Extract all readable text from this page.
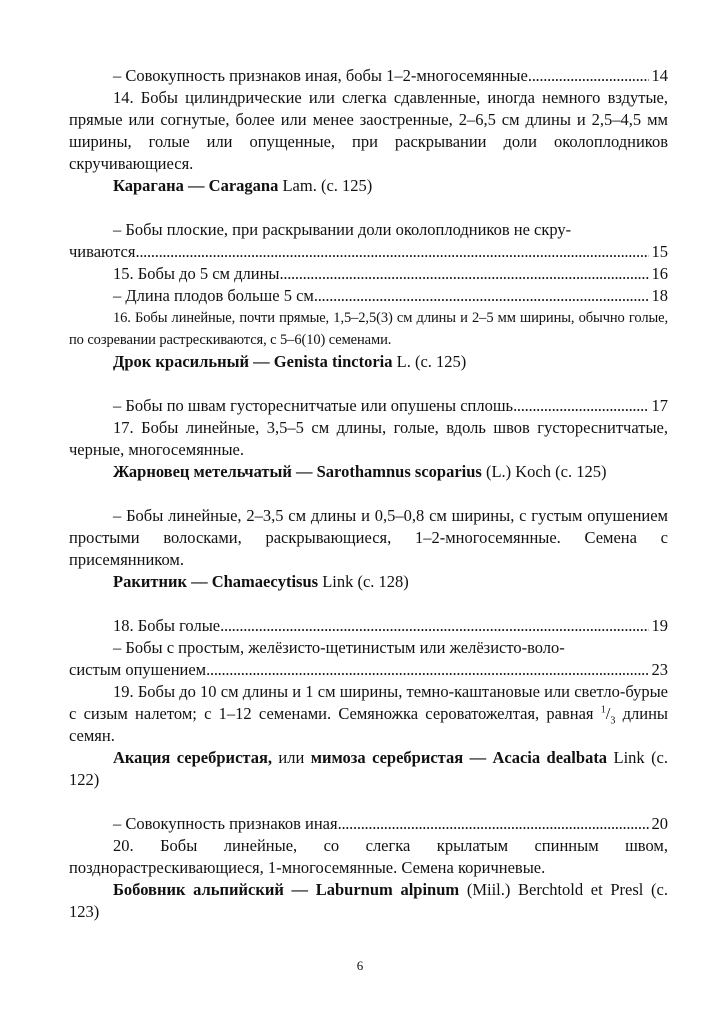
– Совокупность признаков иная, бобы 1–2-многосемянные . . .	14

14. Бобы цилиндрические или слегка сдавленные, иногда немного вздутые, прямые или согнутые, более или менее заостренные, 2–6,5 см длины и 2,5–4,5 мм ширины, голые или опущенные, при раскрывании доли околоплодников скручивающиеся.

Карагана — Caragana Lam. (с. 125)

– Бобы плоские, при раскрывании доли околоплодников не скру-

чиваются . . .	15
15. Бобы до 5 см длины . . .	16
– Длина плодов больше 5 см . . .	18

16. Бобы линейные, почти прямые, 1,5–2,5(3) см длины и 2–5 мм ширины, обычно голые, по созревании растрескиваются, с 5–6(10) семенами.

Дрок красильный — Genista tinctoria L. (с. 125)

– Бобы по швам густореснитчатые или опушены сплошь . . .	17

17. Бобы линейные, 3,5–5 см длины, голые, вдоль швов густореснитчатые, черные, многосемянные.

Жарновец метельчатый — Sarothamnus scoparius (L.) Koch (с. 125)

– Бобы линейные, 2–3,5 см длины и 0,5–0,8 см ширины, с густым опушением простыми волосками, раскрывающиеся, 1–2-многосемянные. Семена с присемянником.

Ракитник — Chamaecytisus Link (с. 128)

18. Бобы голые . . .	19

– Бобы с простым, желёзисто-щетинистым или желёзисто-воло-

систым опушением . . .	23

19. Бобы до 10 см длины и 1 см ширины, темно-каштановые или светло-бурые с сизым налетом; с 1–12 семенами. Семяножка сероватожелтая, равная $^1/_3$ длины семян.

Акация серебристая, или мимоза серебристая — Acacia dealbata Link (с. 122)

– Совокупность признаков иная . . .	20

20. Бобы линейные, со слегка крылатым спинным швом, позднорастрескивающиеся, 1-многосемянные. Семена коричневые.

Бобовник альпийский — Laburnum alpinum (Miil.) Berchtold et Presl (с. 123)

6
